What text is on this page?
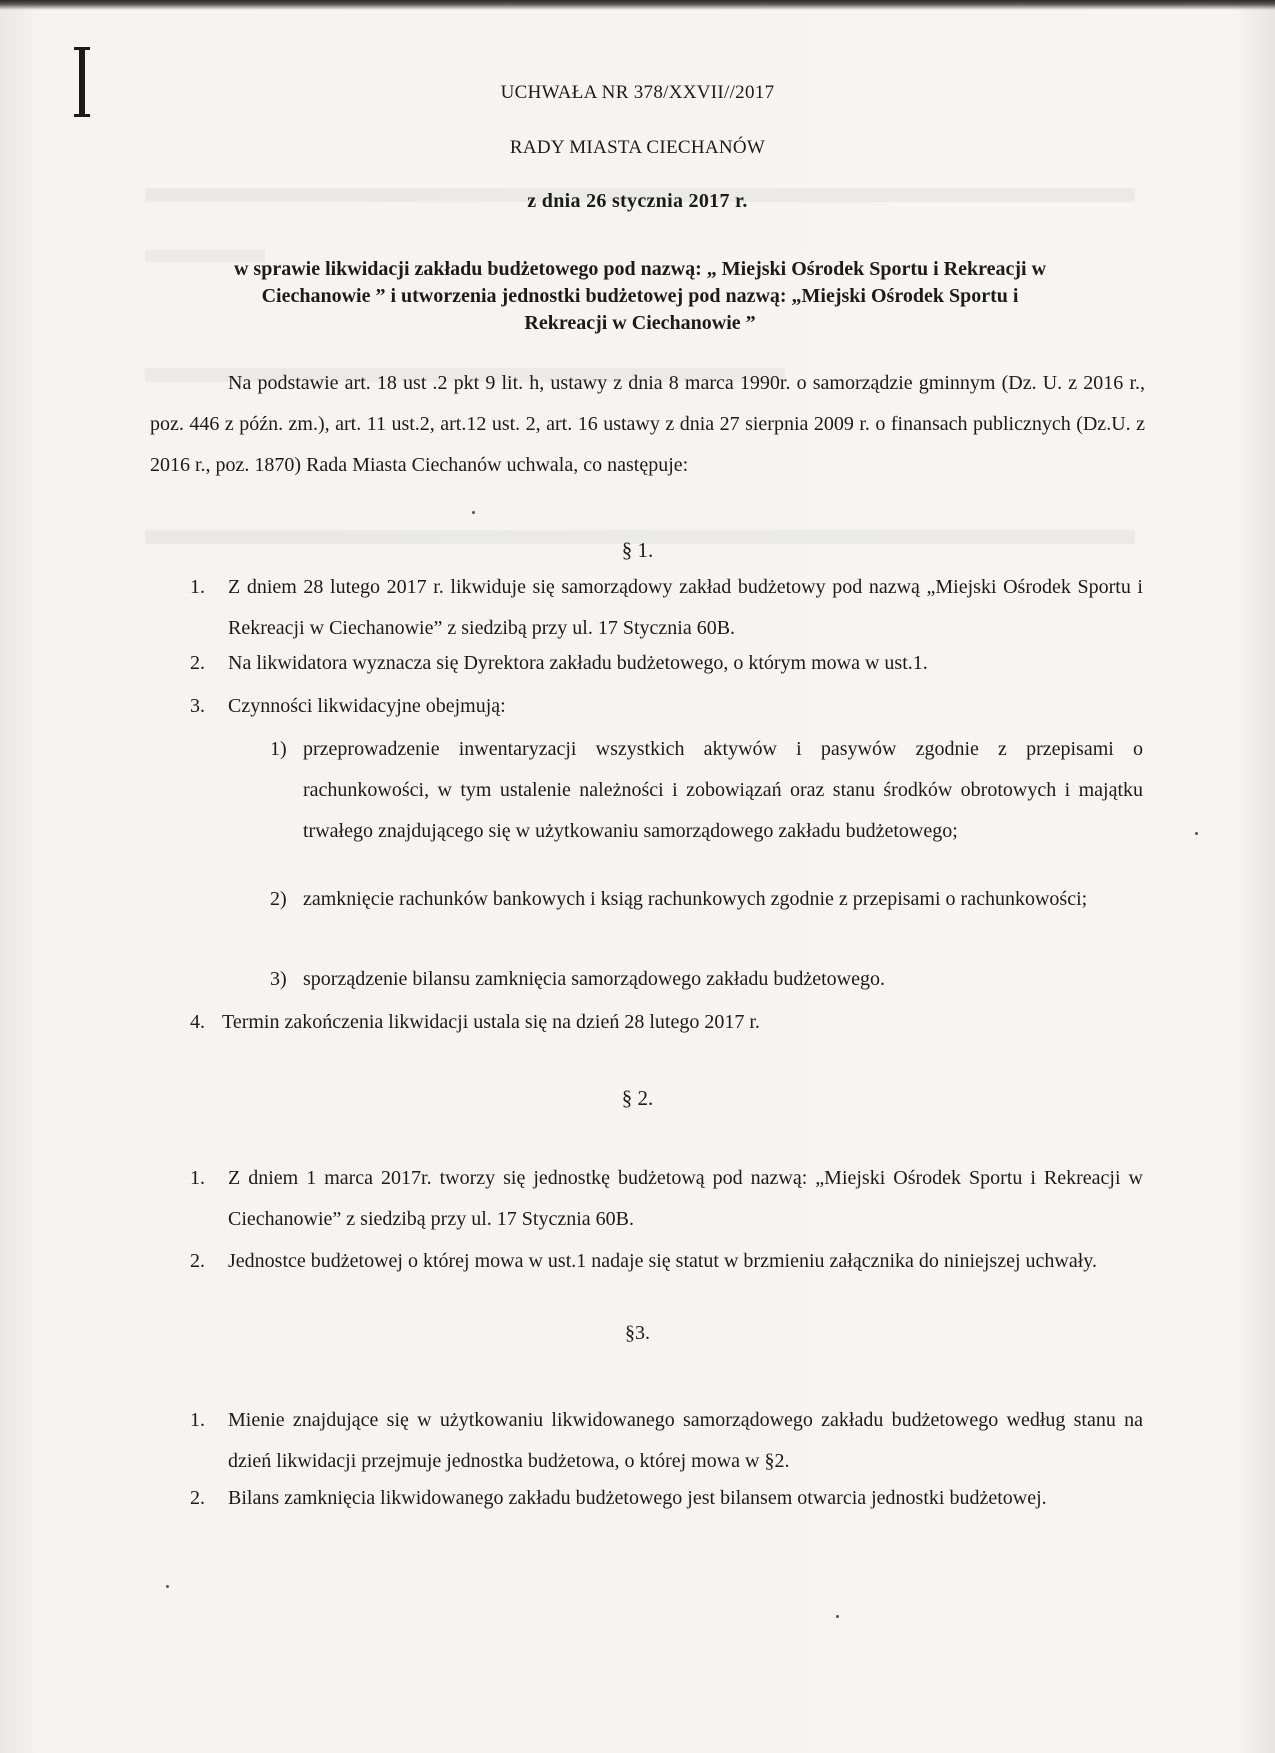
UCHWAŁA NR 378/XXVII//2017
RADY MIASTA CIECHANÓW
z dnia 26 stycznia 2017 r.
w sprawie likwidacji zakładu budżetowego pod nazwą: „ Miejski Ośrodek Sportu i Rekreacji w
Ciechanowie ” i utworzenia jednostki budżetowej pod nazwą: „Miejski Ośrodek Sportu i
Rekreacji w Ciechanowie ”
Na podstawie art. 18 ust .2 pkt 9 lit. h, ustawy z dnia 8 marca 1990r. o samorządzie gminnym (Dz. U. z 2016 r., poz. 446 z późn. zm.), art. 11 ust.2, art.12 ust. 2, art. 16 ustawy z dnia 27 sierpnia 2009 r. o finansach publicznych (Dz.U. z 2016 r., poz. 1870) Rada Miasta Ciechanów uchwala, co następuje:
§ 1.
1. Z dniem 28 lutego 2017 r. likwiduje się samorządowy zakład budżetowy pod nazwą „Miejski Ośrodek Sportu i Rekreacji w Ciechanowie” z siedzibą przy ul. 17 Stycznia 60B.
2. Na likwidatora wyznacza się Dyrektora zakładu budżetowego, o którym mowa w ust.1.
3. Czynności likwidacyjne obejmują:
1) przeprowadzenie inwentaryzacji wszystkich aktywów i pasywów zgodnie z przepisami o rachunkowości, w tym ustalenie należności i zobowiązań oraz stanu środków obrotowych i majątku trwałego znajdującego się w użytkowaniu samorządowego zakładu budżetowego;
2) zamknięcie rachunków bankowych i ksiąg rachunkowych zgodnie z przepisami o rachunkowości;
3) sporządzenie bilansu zamknięcia samorządowego zakładu budżetowego.
4. Termin zakończenia likwidacji ustala się na dzień 28 lutego 2017 r.
§ 2.
1. Z dniem 1 marca 2017r. tworzy się jednostkę budżetową pod nazwą: „Miejski Ośrodek Sportu i Rekreacji w Ciechanowie” z siedzibą przy ul. 17 Stycznia 60B.
2. Jednostce budżetowej o której mowa w ust.1 nadaje się statut w brzmieniu załącznika do niniejszej uchwały.
§3.
1. Mienie znajdujące się w użytkowaniu likwidowanego samorządowego zakładu budżetowego według stanu na dzień likwidacji przejmuje jednostka budżetowa, o której mowa w §2.
2. Bilans zamknięcia likwidowanego zakładu budżetowego jest bilansem otwarcia jednostki budżetowej.
